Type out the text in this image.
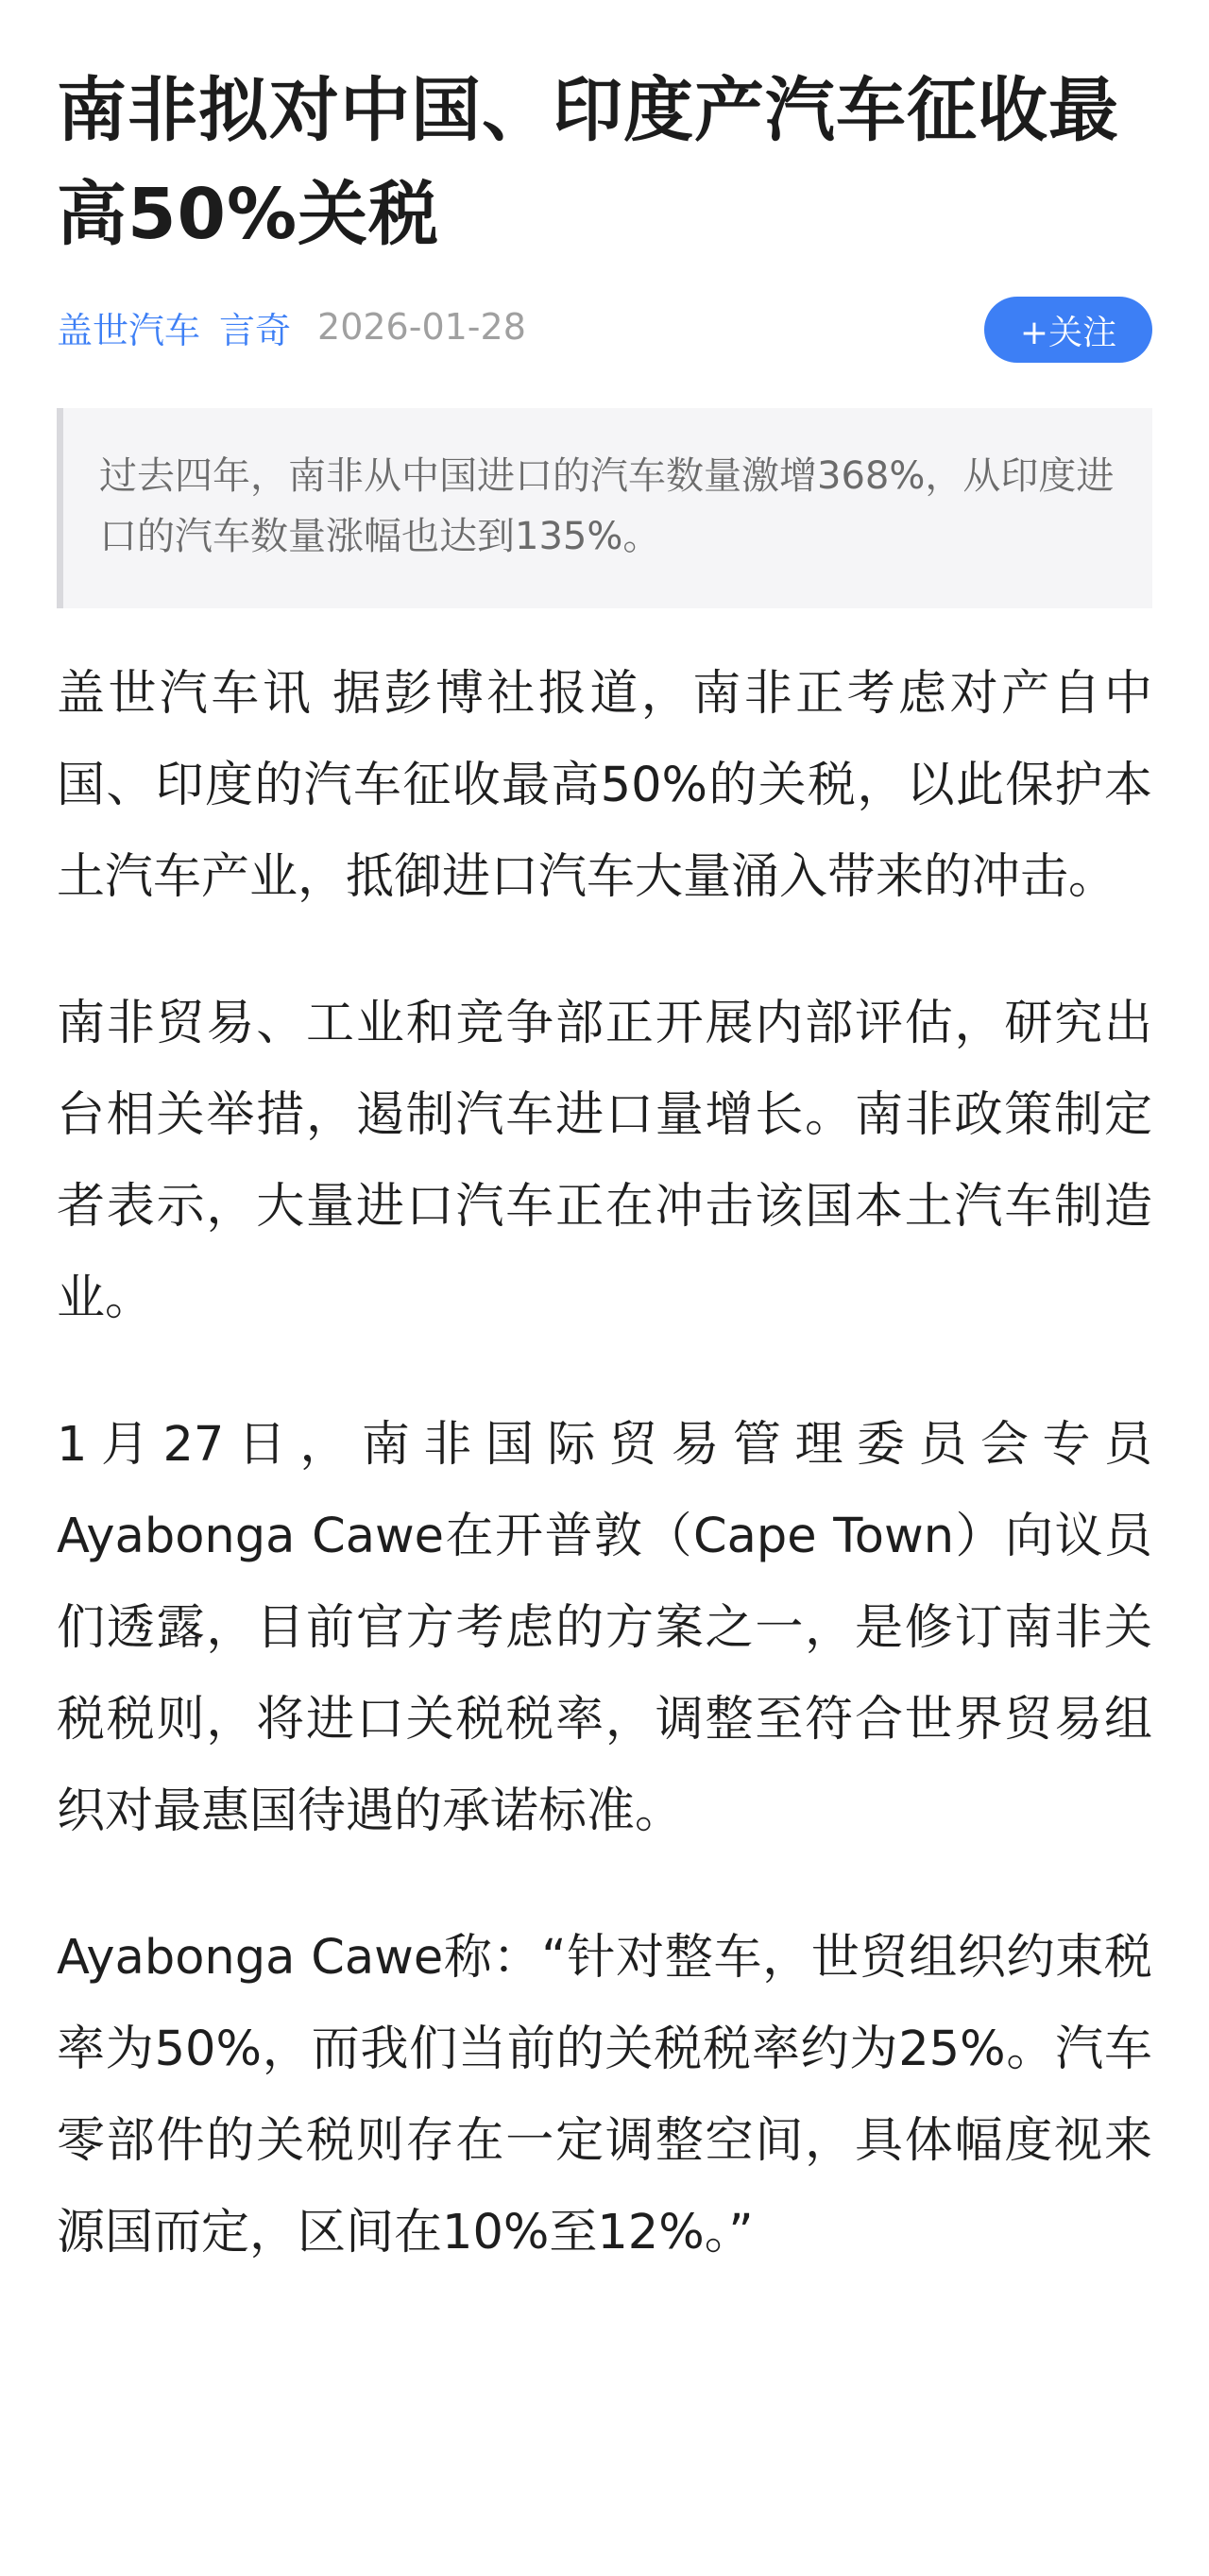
南非拟对中国、印度产汽车征收最高50%关税
盖世汽车 言奇 2026-01-28	+关注
过去四年，南非从中国进口的汽车数量激增368%，从印度进口的汽车数量涨幅也达到135%。

盖世汽车讯 据彭博社报道，南非正考虑对产自中国、印度的汽车征收最高50%的关税，以此保护本土汽车产业，抵御进口汽车大量涌入带来的冲击。

南非贸易、工业和竞争部正开展内部评估，研究出台相关举措，遏制汽车进口量增长。南非政策制定者表示，大量进口汽车正在冲击该国本土汽车制造业。

1月27日，南非国际贸易管理委员会专员Ayabonga Cawe在开普敦（Cape Town）向议员们透露，目前官方考虑的方案之一，是修订南非关税税则，将进口关税税率，调整至符合世界贸易组织对最惠国待遇的承诺标准。

Ayabonga Cawe称：“针对整车，世贸组织约束税率为50%，而我们当前的关税税率约为25%。汽车零部件的关税则存在一定调整空间，具体幅度视来源国而定，区间在10%至12%。”
